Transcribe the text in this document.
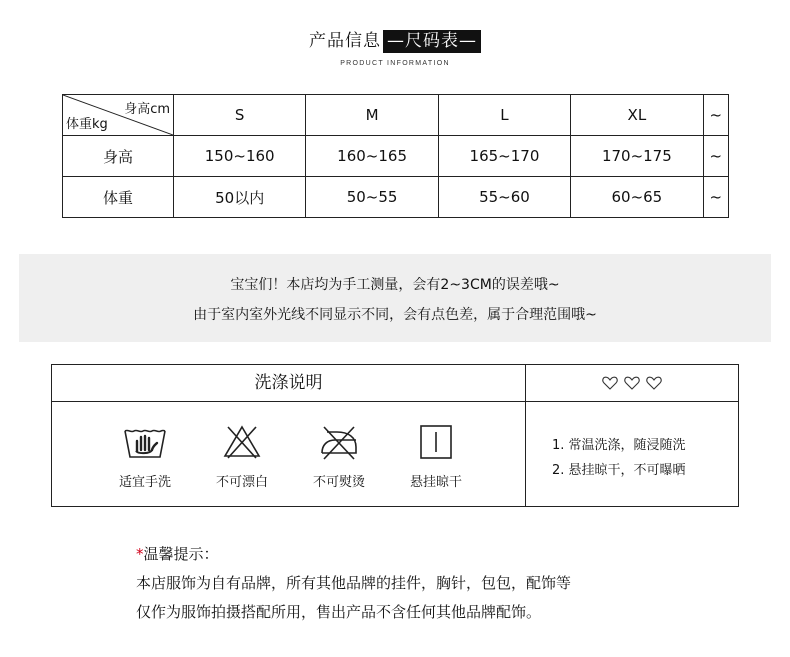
产品信息 —尺码表—
PRODUCT INFORMATION
身高cm
体重kg	S	M	L	XL	~
身高	150~160	160~165	165~170	170~175	~
体重	50以内	50~55	55~60	60~65	~
宝宝们！本店均为手工测量，会有2~3CM的误差哦~
由于室内室外光线不同显示不同，会有点色差，属于合理范围哦~
洗涤说明
适宜手洗	不可漂白	不可熨烫	悬挂晾干
1. 常温洗涤，随浸随洗
2. 悬挂晾干，不可曝晒
*温馨提示：
本店服饰为自有品牌，所有其他品牌的挂件，胸针，包包，配饰等
仅作为服饰拍摄搭配所用，售出产品不含任何其他品牌配饰。
